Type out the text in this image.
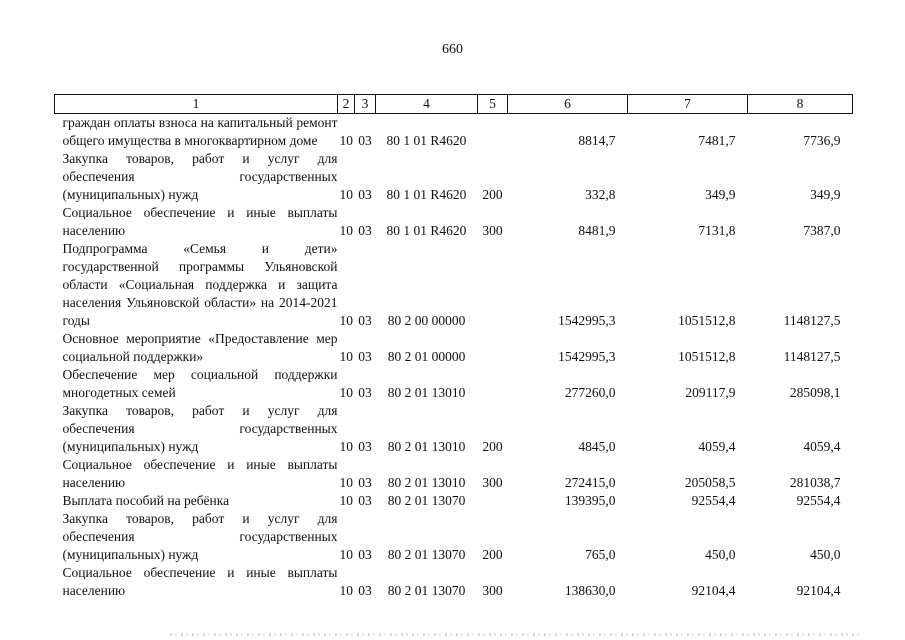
660
1	2	3	4	5	6	7	8
граждан оплаты взноса на капитальный ремонт общего имущества в многоквартирном доме	10	03	80 1 01 R4620		8814,7	7481,7	7736,9
Закупка товаров, работ и услуг для обеспечения государственных (муниципальных) нужд	10	03	80 1 01 R4620	200	332,8	349,9	349,9
Социальное обеспечение и иные выплаты населению	10	03	80 1 01 R4620	300	8481,9	7131,8	7387,0
Подпрограмма «Семья и дети» государственной программы Ульяновской области «Социальная поддержка и защита населения Ульяновской области» на 2014-2021 годы	10	03	80 2 00 00000		1542995,3	1051512,8	1148127,5
Основное мероприятие «Предоставление мер социальной поддержки»	10	03	80 2 01 00000		1542995,3	1051512,8	1148127,5
Обеспечение мер социальной поддержки многодетных семей	10	03	80 2 01 13010		277260,0	209117,9	285098,1
Закупка товаров, работ и услуг для обеспечения государственных (муниципальных) нужд	10	03	80 2 01 13010	200	4845,0	4059,4	4059,4
Социальное обеспечение и иные выплаты населению	10	03	80 2 01 13010	300	272415,0	205058,5	281038,7
Выплата пособий на ребёнка	10	03	80 2 01 13070		139395,0	92554,4	92554,4
Закупка товаров, работ и услуг для обеспечения государственных (муниципальных) нужд	10	03	80 2 01 13070	200	765,0	450,0	450,0
Социальное обеспечение и иные выплаты населению	10	03	80 2 01 13070	300	138630,0	92104,4	92104,4
